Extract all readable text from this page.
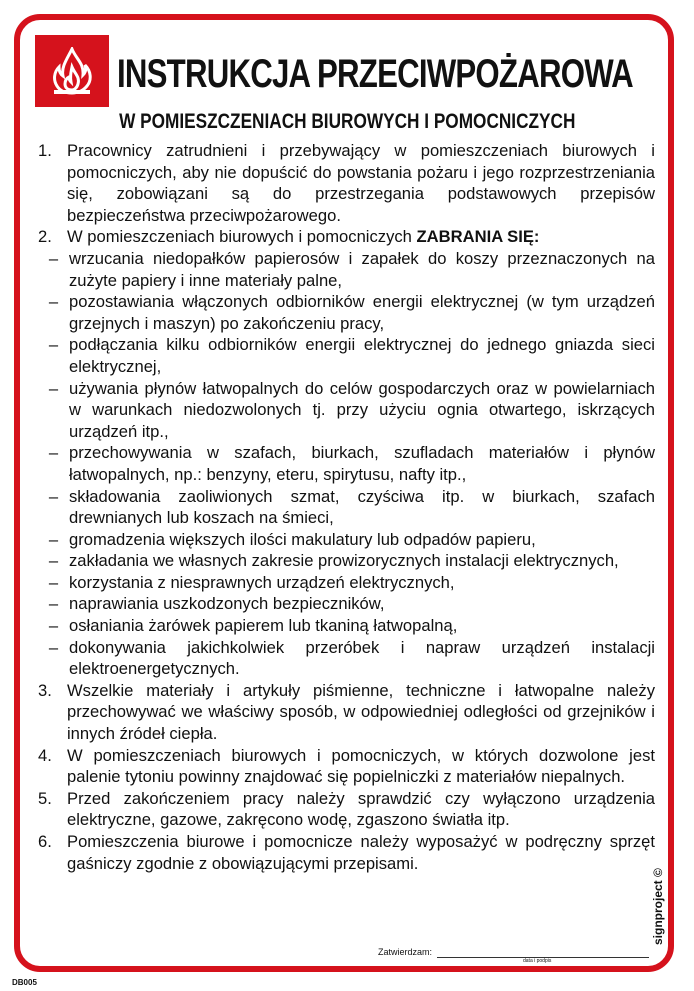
INSTRUKCJA PRZECIWPOŻAROWA
W POMIESZCZENIACH BIUROWYCH I POMOCNICZYCH
1. Pracownicy zatrudnieni i przebywający w pomieszczeniach biurowych i pomocniczych, aby nie dopuścić do powstania pożaru i jego rozprzestrzeniania się, zobowiązani są do przestrzegania podstawowych przepisów bezpieczeństwa przeciwpożarowego.
2. W pomieszczeniach biurowych i pomocniczych ZABRANIA SIĘ:
– wrzucania niedopałków papierosów i zapałek do koszy przeznaczonych na zużyte papiery i inne materiały palne,
– pozostawiania włączonych odbiorników energii elektrycznej (w tym urządzeń grzejnych i maszyn) po zakończeniu pracy,
– podłączania kilku odbiorników energii elektrycznej do jednego gniazda sieci elektrycznej,
– używania płynów łatwopalnych do celów gospodarczych oraz w powielarniach w warunkach niedozwolonych tj. przy użyciu ognia otwartego, iskrzących urządzeń itp.,
– przechowywania w szafach, biurkach, szufladach materiałów i płynów łatwopalnych, np.: benzyny, eteru, spirytusu, nafty itp.,
– składowania zaoliwionych szmat, czyściwa itp. w biurkach, szafach drewnianych lub koszach na śmieci,
– gromadzenia większych ilości makulatury lub odpadów papieru,
– zakładania we własnych zakresie prowizorycznych instalacji elektrycznych,
– korzystania z niesprawnych urządzeń elektrycznych,
– naprawiania uszkodzonych bezpieczników,
– osłaniania żarówek papierem lub tkaniną łatwopalną,
– dokonywania jakichkolwiek przeróbek i napraw urządzeń instalacji elektroenergetycznych.
3. Wszelkie materiały i artykuły piśmienne, techniczne i łatwopalne należy przechowywać we właściwy sposób, w odpowiedniej odległości od grzejników i innych źródeł ciepła.
4. W pomieszczeniach biurowych i pomocniczych, w których dozwolone jest palenie tytoniu powinny znajdować się popielniczki z materiałów niepalnych.
5. Przed zakończeniem pracy należy sprawdzić czy wyłączono urządzenia elektryczne, gazowe, zakręcono wodę, zgaszono światła itp.
6. Pomieszczenia biurowe i pomocnicze należy wyposażyć w podręczny sprzęt gaśniczy zgodnie z obowiązującymi przepisami.
Zatwierdzam:
data i podpis
DB005
signproject ©
